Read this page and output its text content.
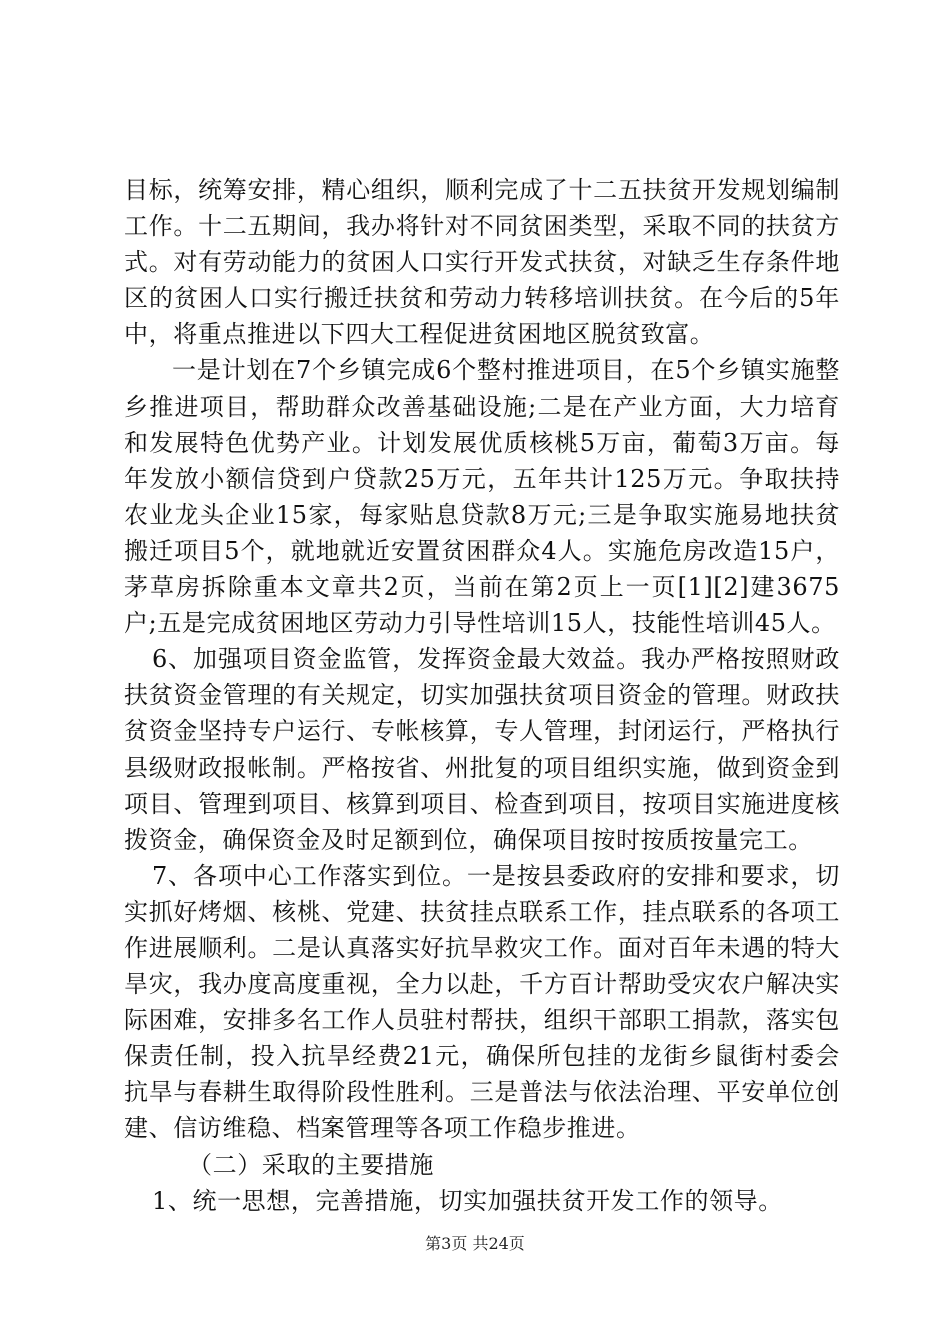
目标，统筹安排，精心组织，顺利完成了十二五扶贫开发规划编制工作。十二五期间，我办将针对不同贫困类型，采取不同的扶贫方式。对有劳动能力的贫困人口实行开发式扶贫，对缺乏生存条件地区的贫困人口实行搬迁扶贫和劳动力转移培训扶贫。在今后的5年中，将重点推进以下四大工程促进贫困地区脱贫致富。

一是计划在7个乡镇完成6个整村推进项目，在5个乡镇实施整乡推进项目，帮助群众改善基础设施;二是在产业方面，大力培育和发展特色优势产业。计划发展优质核桃5万亩，葡萄3万亩。每年发放小额信贷到户贷款25万元，五年共计125万元。争取扶持农业龙头企业15家，每家贴息贷款8万元;三是争取实施易地扶贫搬迁项目5个，就地就近安置贫困群众4人。实施危房改造15户，茅草房拆除重本文章共2页，当前在第2页上一页[1][2]建3675户;五是完成贫困地区劳动力引导性培训15人，技能性培训45人。

6、加强项目资金监管，发挥资金最大效益。我办严格按照财政扶贫资金管理的有关规定，切实加强扶贫项目资金的管理。财政扶贫资金坚持专户运行、专帐核算，专人管理，封闭运行，严格执行县级财政报帐制。严格按省、州批复的项目组织实施，做到资金到项目、管理到项目、核算到项目、检查到项目，按项目实施进度核拨资金，确保资金及时足额到位，确保项目按时按质按量完工。

7、各项中心工作落实到位。一是按县委政府的安排和要求，切实抓好烤烟、核桃、党建、扶贫挂点联系工作，挂点联系的各项工作进展顺利。二是认真落实好抗旱救灾工作。面对百年未遇的特大旱灾，我办度高度重视，全力以赴，千方百计帮助受灾农户解决实际困难，安排多名工作人员驻村帮扶，组织干部职工捐款，落实包保责任制，投入抗旱经费21元，确保所包挂的龙街乡鼠街村委会抗旱与春耕生取得阶段性胜利。三是普法与依法治理、平安单位创建、信访维稳、档案管理等各项工作稳步推进。

（二）采取的主要措施

1、统一思想，完善措施，切实加强扶贫开发工作的领导。

第3页 共24页
